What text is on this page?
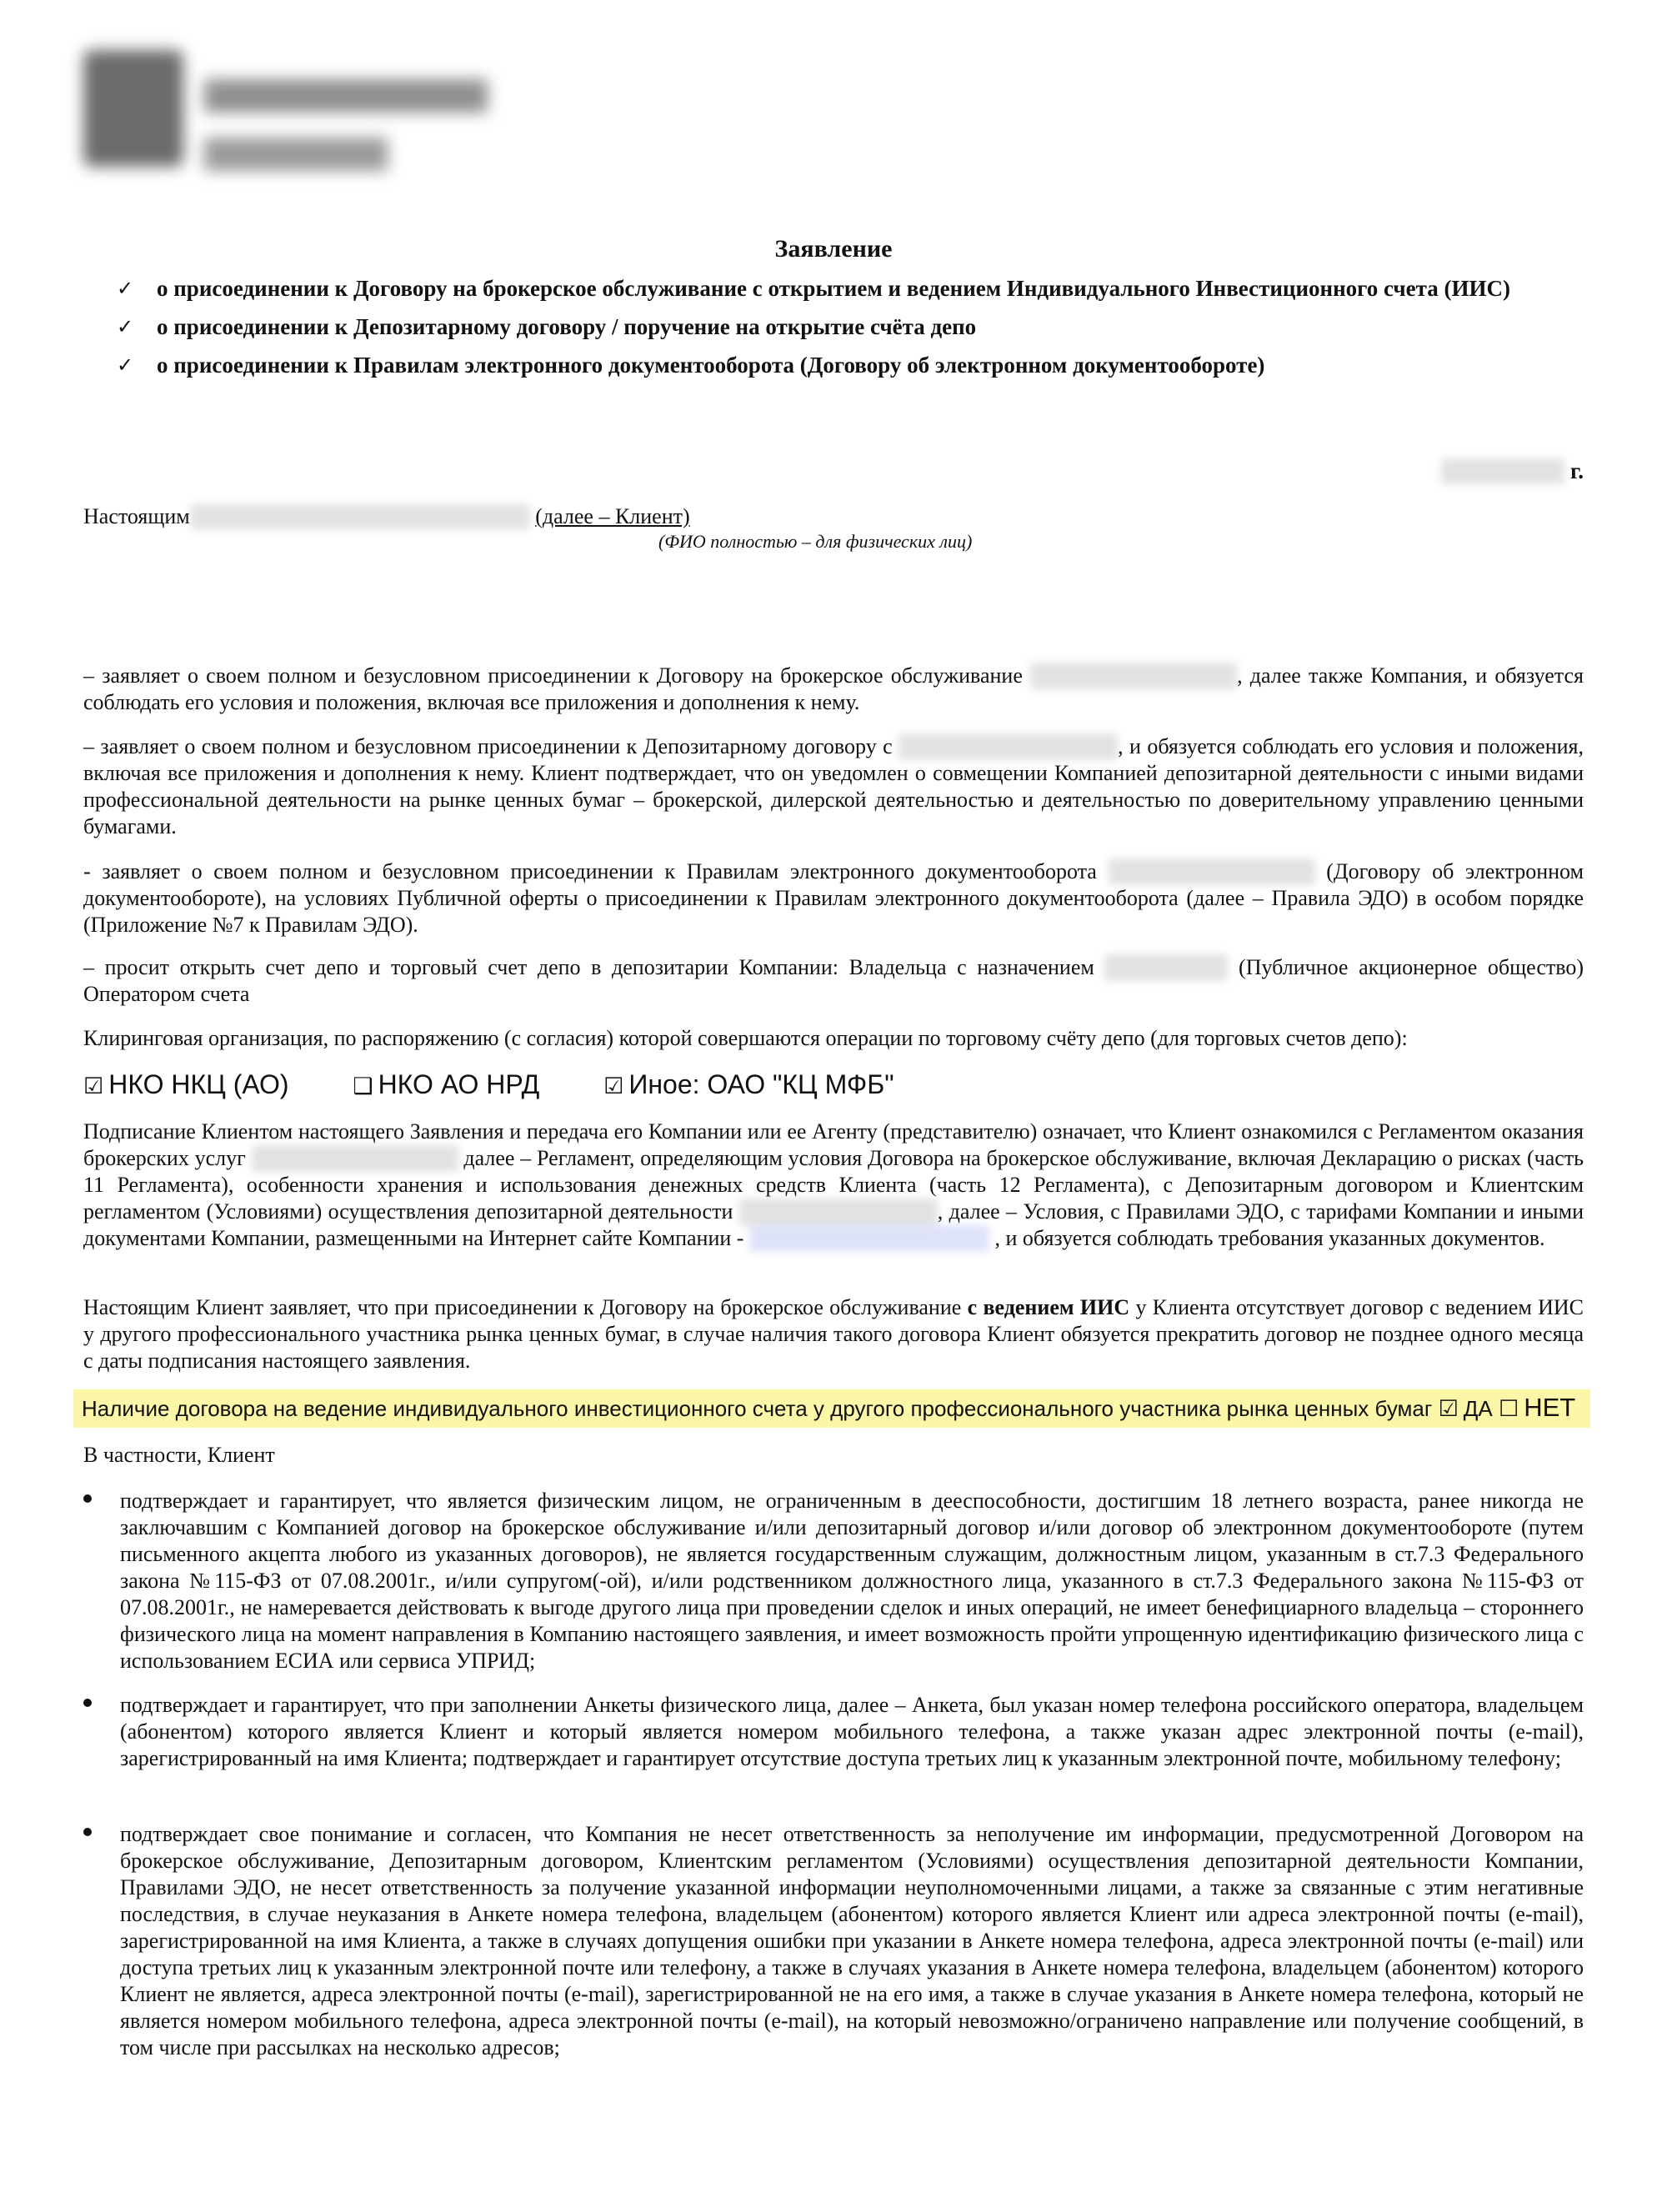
Заявление
✓ о присоединении к Договору на брокерское обслуживание с открытием и ведением Индивидуального Инвестиционного счета (ИИС)
✓ о присоединении к Депозитарному договору / поручение на открытие счёта депо
✓ о присоединении к Правилам электронного документооборота (Договору об электронном документообороте)
г.
Настоящим	(далее – Клиент)
(ФИО полностью – для физических лиц)

– заявляет о своем полном и безусловном присоединении к Договору на брокерское обслуживание	, далее также Компания, и обязуется соблюдать его условия и положения, включая все приложения и дополнения к нему.

– заявляет о своем полном и безусловном присоединении к Депозитарному договору с	, и обязуется соблюдать его условия и положения, включая все приложения и дополнения к нему. Клиент подтверждает, что он уведомлен о совмещении Компанией депозитарной деятельности с иными видами профессиональной деятельности на рынке ценных бумаг – брокерской, дилерской деятельностью и деятельностью по доверительному управлению ценными бумагами.

- заявляет о своем полном и безусловном присоединении к Правилам электронного документооборота	(Договору об электронном документообороте), на условиях Публичной оферты о присоединении к Правилам электронного документооборота (далее – Правила ЭДО) в особом порядке (Приложение №7 к Правилам ЭДО).

– просит открыть счет депо и торговый счет депо в депозитарии Компании: Владельца с назначением	(Публичное акционерное общество) Оператором счета

Клиринговая организация, по распоряжению (с согласия) которой совершаются операции по торговому счёту депо (для торговых счетов депо):

☑ НКО НКЦ (АО)	❑ НКО АО НРД	☑ Иное: ОАО "КЦ МФБ"

Подписание Клиентом настоящего Заявления и передача его Компании или ее Агенту (представителю) означает, что Клиент ознакомился с Регламентом оказания брокерских услуг	далее – Регламент, определяющим условия Договора на брокерское обслуживание, включая Декларацию о рисках (часть 11 Регламента), особенности хранения и использования денежных средств Клиента (часть 12 Регламента), с Депозитарным договором и Клиентским регламентом (Условиями) осуществления депозитарной деятельности	, далее – Условия, с Правилами ЭДО, с тарифами Компании и иными документами Компании, размещенными на Интернет сайте Компании -	, и обязуется соблюдать требования указанных документов.

Настоящим Клиент заявляет, что при присоединении к Договору на брокерское обслуживание с ведением ИИС у Клиента отсутствует договор с ведением ИИС у другого профессионального участника рынка ценных бумаг, в случае наличия такого договора Клиент обязуется прекратить договор не позднее одного месяца с даты подписания настоящего заявления.

Наличие договора на ведение индивидуального инвестиционного счета у другого профессионального участника рынка ценных бумаг ☑ ДА ☐ НЕТ

В частности, Клиент

подтверждает и гарантирует, что является физическим лицом, не ограниченным в дееспособности, достигшим 18 летнего возраста, ранее никогда не заключавшим с Компанией договор на брокерское обслуживание и/или депозитарный договор и/или договор об электронном документообороте (путем письменного акцепта любого из указанных договоров), не является государственным служащим, должностным лицом, указанным в ст.7.3 Федерального закона №115-ФЗ от 07.08.2001г., и/или супругом(-ой), и/или родственником должностного лица, указанного в ст.7.3 Федерального закона №115-ФЗ от 07.08.2001г., не намеревается действовать к выгоде другого лица при проведении сделок и иных операций, не имеет бенефициарного владельца – стороннего физического лица на момент направления в Компанию настоящего заявления, и имеет возможность пройти упрощенную идентификацию физического лица с использованием ЕСИА или сервиса УПРИД;
подтверждает и гарантирует, что при заполнении Анкеты физического лица, далее – Анкета, был указан номер телефона российского оператора, владельцем (абонентом) которого является Клиент и который является номером мобильного телефона, а также указан адрес электронной почты (e-mail), зарегистрированный на имя Клиента; подтверждает и гарантирует отсутствие доступа третьих лиц к указанным электронной почте, мобильному телефону;
подтверждает свое понимание и согласен, что Компания не несет ответственность за неполучение им информации, предусмотренной Договором на брокерское обслуживание, Депозитарным договором, Клиентским регламентом (Условиями) осуществления депозитарной деятельности Компании, Правилами ЭДО, не несет ответственность за получение указанной информации неуполномоченными лицами, а также за связанные с этим негативные последствия, в случае неуказания в Анкете номера телефона, владельцем (абонентом) которого является Клиент или адреса электронной почты (e-mail), зарегистрированной на имя Клиента, а также в случаях допущения ошибки при указании в Анкете номера телефона, адреса электронной почты (e-mail) или доступа третьих лиц к указанным электронной почте или телефону, а также в случаях указания в Анкете номера телефона, владельцем (абонентом) которого Клиент не является, адреса электронной почты (e-mail), зарегистрированной не на его имя, а также в случае указания в Анкете номера телефона, который не является номером мобильного телефона, адреса электронной почты (e-mail), на который невозможно/ограничено направление или получение сообщений, в том числе при рассылках на несколько адресов;
